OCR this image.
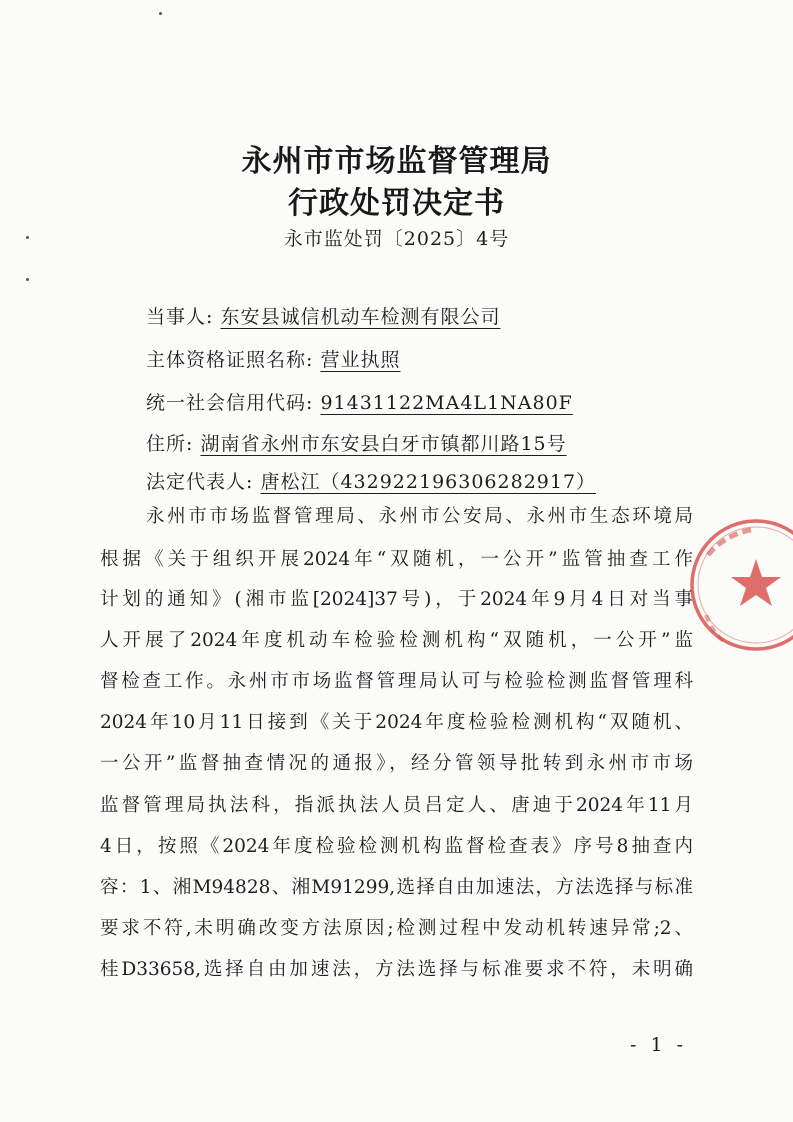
永州市市场监督管理局
行政处罚决定书
永市监处罚〔2025〕4号
当事人: 东安县诚信机动车检测有限公司
主体资格证照名称: 营业执照
统一社会信用代码: 91431122MA4L1NA80F
住所: 湖南省永州市东安县白牙市镇都川路15号
法定代表人: 唐松江（432922196306282917）
永州市市场监督管理局、永州市公安局、永州市生态环境局
根据《关于组织开展2024年“双随机，一公开”监管抽查工作
计划的通知》(湘市监[2024]37号)，于2024年9月4日对当事
人开展了2024年度机动车检验检测机构“双随机，一公开”监
督检查工作。永州市市场监督管理局认可与检验检测监督管理科
2024年10月11日接到《关于2024年度检验检测机构“双随机、
一公开”监督抽查情况的通报》，经分管领导批转到永州市市场
监督管理局执法科，指派执法人员吕定人、唐迪于2024年11月
4日，按照《2024年度检验检测机构监督检查表》序号8抽查内
容：1、湘M94828、湘M91299,选择自由加速法，方法选择与标准
要求不符,未明确改变方法原因;检测过程中发动机转速异常;2、
桂D33658,选择自由加速法，方法选择与标准要求不符，未明确
- 1 -
